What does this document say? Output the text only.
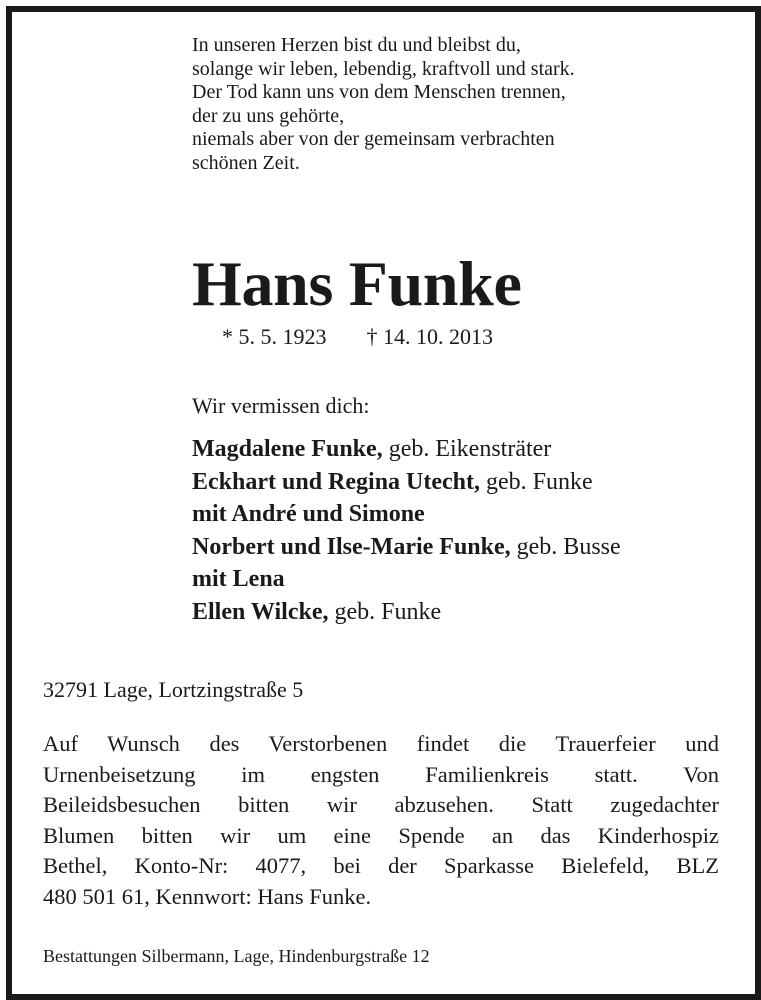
In unseren Herzen bist du und bleibst du,
solange wir leben, lebendig, kraftvoll und stark.
Der Tod kann uns von dem Menschen trennen,
der zu uns gehörte,
niemals aber von der gemeinsam verbrachten
schönen Zeit.
Hans Funke
* 5. 5. 1923 † 14. 10. 2013
Wir vermissen dich:
Magdalene Funke, geb. Eikensträter
Eckhart und Regina Utecht, geb. Funke
mit André und Simone
Norbert und Ilse-Marie Funke, geb. Busse
mit Lena
Ellen Wilcke, geb. Funke
32791 Lage, Lortzingstraße 5
Auf Wunsch des Verstorbenen findet die Trauerfeier und
Urnenbeisetzung im engsten Familienkreis statt. Von
Beileidsbesuchen bitten wir abzusehen. Statt zugedachter
Blumen bitten wir um eine Spende an das Kinderhospiz
Bethel, Konto-Nr: 4077, bei der Sparkasse Bielefeld, BLZ
480 501 61, Kennwort: Hans Funke.
Bestattungen Silbermann, Lage, Hindenburgstraße 12
